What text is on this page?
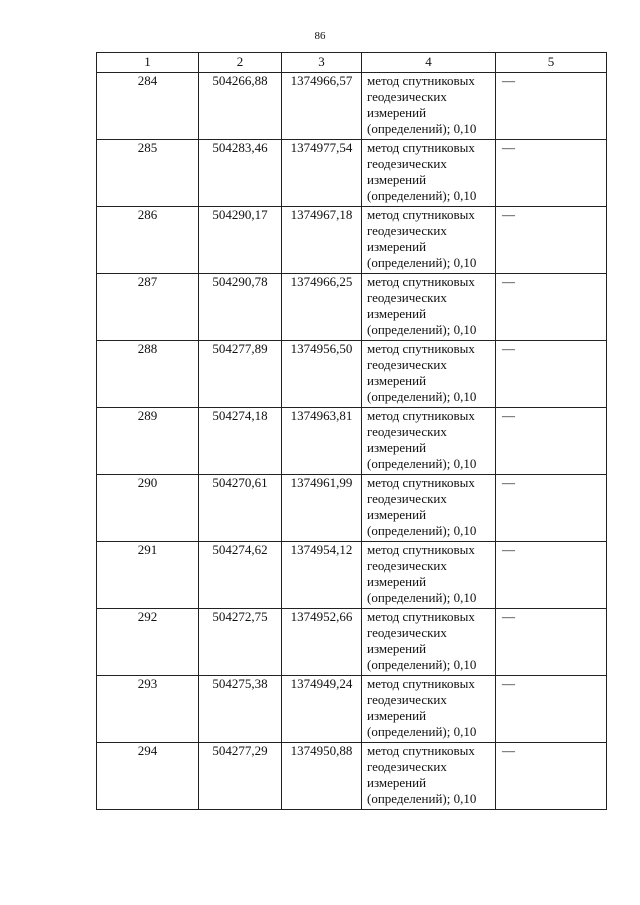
86
1	2	3	4	5
284	504266,88	1374966,57	метод спутниковых
геодезических
измерений
(определений); 0,10	—
285	504283,46	1374977,54	метод спутниковых
геодезических
измерений
(определений); 0,10	—
286	504290,17	1374967,18	метод спутниковых
геодезических
измерений
(определений); 0,10	—
287	504290,78	1374966,25	метод спутниковых
геодезических
измерений
(определений); 0,10	—
288	504277,89	1374956,50	метод спутниковых
геодезических
измерений
(определений); 0,10	—
289	504274,18	1374963,81	метод спутниковых
геодезических
измерений
(определений); 0,10	—
290	504270,61	1374961,99	метод спутниковых
геодезических
измерений
(определений); 0,10	—
291	504274,62	1374954,12	метод спутниковых
геодезических
измерений
(определений); 0,10	—
292	504272,75	1374952,66	метод спутниковых
геодезических
измерений
(определений); 0,10	—
293	504275,38	1374949,24	метод спутниковых
геодезических
измерений
(определений); 0,10	—
294	504277,29	1374950,88	метод спутниковых
геодезических
измерений
(определений); 0,10	—
